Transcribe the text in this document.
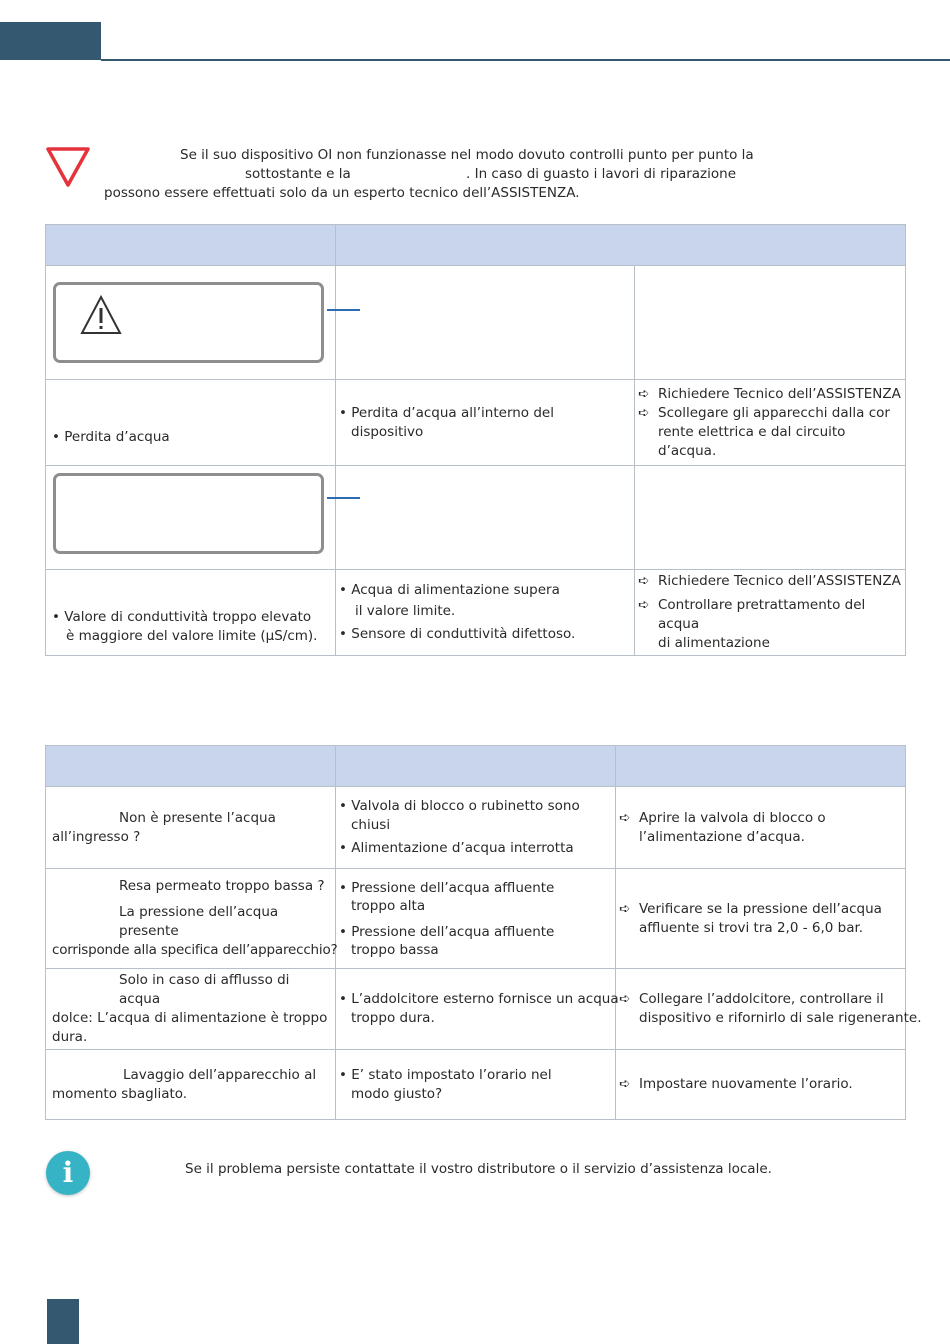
Se il suo dispositivo OI non funzionasse nel modo dovuto controlli punto per punto la
sottostante e la	. In caso di guasto i lavori di riparazione
possono essere effettuati solo da un esperto tecnico dell’ASSISTENZA.

• Perdita d’acqua	• Perdita d’acqua all’interno del dispositivo	➪ Richiedere Tecnico dell’ASSISTENZA
➪ Scollegare gli apparecchi dalla cor
rente elettrica e dal circuito d’acqua.

• Valore di conduttività troppo elevato
è maggiore del valore limite (µS/cm).	• Acqua di alimentazione supera
il valore limite.
• Sensore di conduttività difettoso.	➪ Richiedere Tecnico dell’ASSISTENZA
➪ Controllare pretrattamento del acqua
di alimentazione

Non è presente l’acqua
all’ingresso ?	• Valvola di blocco o rubinetto sono chiusi
• Alimentazione d’acqua interrotta	➪ Aprire la valvola di blocco o
l’alimentazione d’acqua.

Resa permeato troppo bassa ?
La pressione dell’acqua presente
corrisponde alla specifica dell’apparecchio?	• Pressione dell’acqua affluente
troppo alta
• Pressione dell’acqua affluente
troppo bassa	➪ Verificare se la pressione dell’acqua
affluente si trovi tra 2,0 - 6,0 bar.

Solo in caso di afflusso di acqua
dolce: L’acqua di alimentazione è troppo
dura.	• L’addolcitore esterno fornisce un acqua
troppo dura.	➪ Collegare l’addolcitore, controllare il
dispositivo e rifornirlo di sale rigenerante.

Lavaggio dell’apparecchio al
momento sbagliato.	• E’ stato impostato l’orario nel
modo giusto?	➪ Impostare nuovamente l’orario.
i	Se il problema persiste contattate il vostro distributore o il servizio d’assistenza locale.
